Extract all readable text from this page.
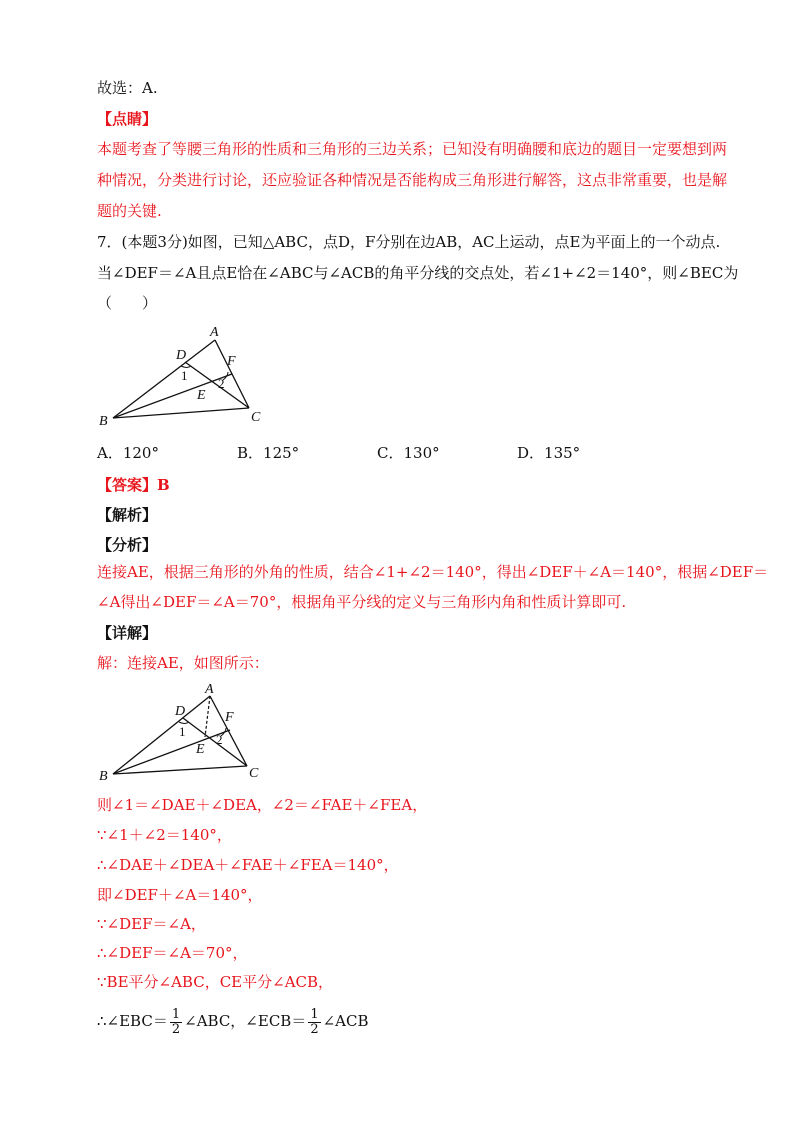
故选：A.
【点睛】
本题考查了等腰三角形的性质和三角形的三边关系；已知没有明确腰和底边的题目一定要想到两
种情况，分类进行讨论，还应验证各种情况是否能构成三角形进行解答，这点非常重要，也是解
题的关键.
7．(本题3分)如图，已知△ABC，点D，F分别在边AB，AC上运动，点E为平面上的一个动点.
当∠DEF＝∠A且点E恰在∠ABC与∠ACB的角平分线的交点处，若∠1+∠2＝140°，则∠BEC为
（　　）
A
B	C
D
E
F
1
2
A．120°	B．125°	C．130°	D．135°
【答案】B
【解析】
【分析】
连接AE，根据三角形的外角的性质，结合∠1+∠2＝140°，得出∠DEF＋∠A＝140°，根据∠DEF＝
∠A得出∠DEF＝∠A＝70°，根据角平分线的定义与三角形内角和性质计算即可.
【详解】
解：连接AE，如图所示：
A
B	C
D
E
F
1
2
则∠1＝∠DAE＋∠DEA，∠2＝∠FAE＋∠FEA，
∵∠1＋∠2＝140°，
∴∠DAE＋∠DEA＋∠FAE＋∠FEA＝140°，
即∠DEF＋∠A＝140°，
∵∠DEF＝∠A，
∴∠DEF＝∠A＝70°，
∵BE平分∠ABC，CE平分∠ACB，
∴∠EBC＝ $\frac{1}{2}$ ∠ABC，∠ECB＝ $\frac{1}{2}$ ∠ACB
